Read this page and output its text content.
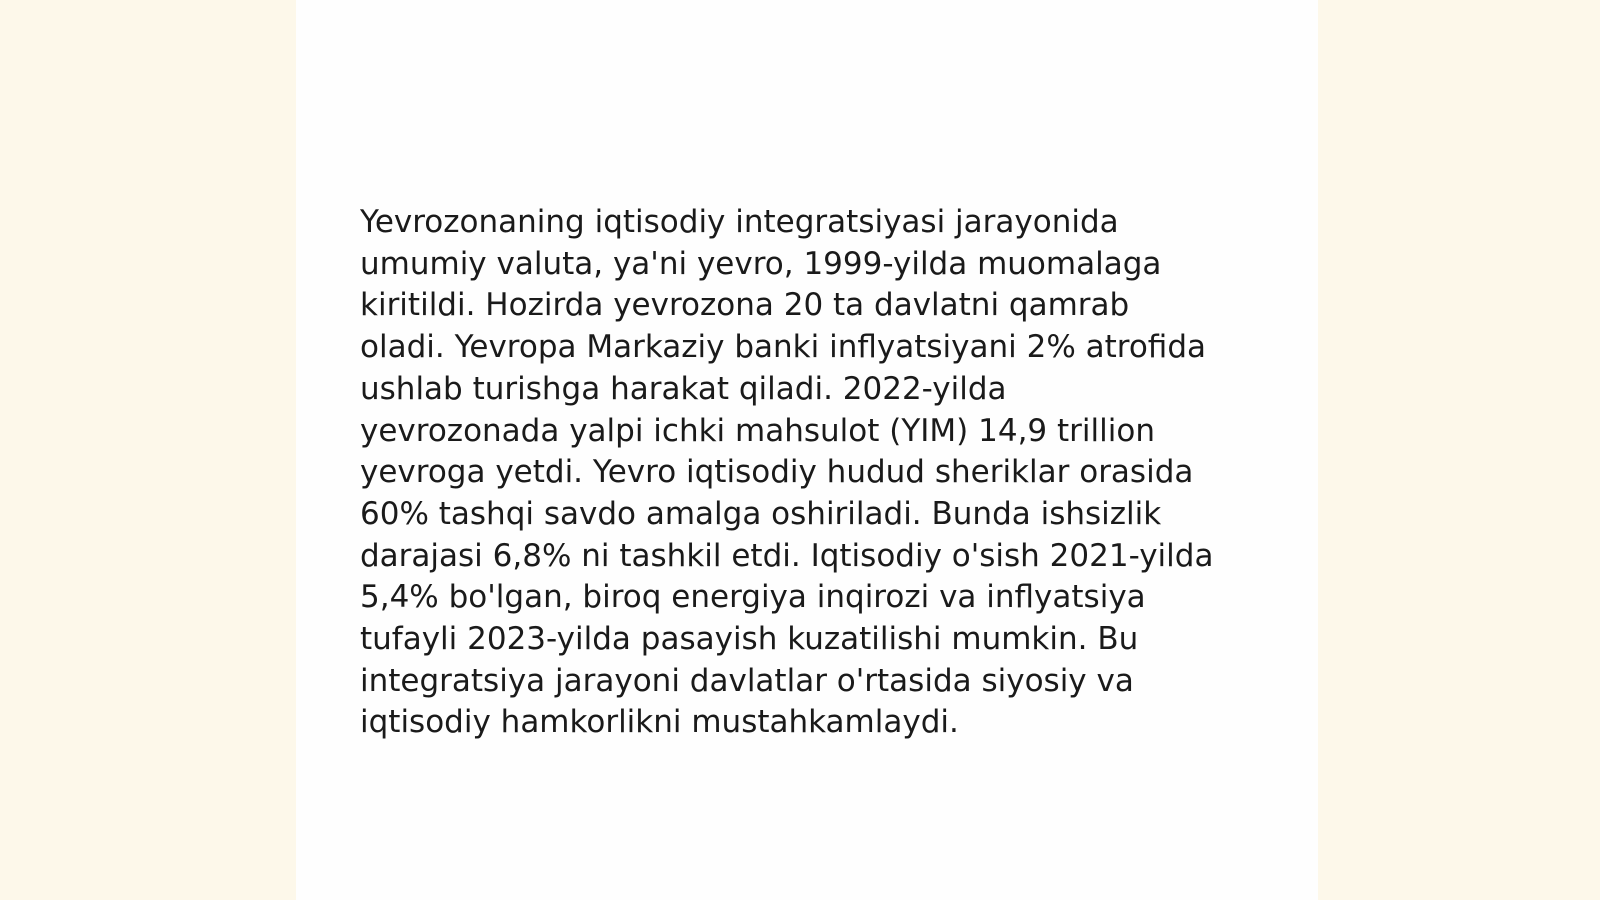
Yevrozonaning iqtisodiy integratsiyasi jarayonida
umumiy valuta, ya'ni yevro, 1999-yilda muomalaga
kiritildi. Hozirda yevrozona 20 ta davlatni qamrab
oladi. Yevropa Markaziy banki inflyatsiyani 2% atrofida
ushlab turishga harakat qiladi. 2022-yilda
yevrozonada yalpi ichki mahsulot (YIM) 14,9 trillion
yevroga yetdi. Yevro iqtisodiy hudud sheriklar orasida
60% tashqi savdo amalga oshiriladi. Bunda ishsizlik
darajasi 6,8% ni tashkil etdi. Iqtisodiy o'sish 2021-yilda
5,4% bo'lgan, biroq energiya inqirozi va inflyatsiya
tufayli 2023-yilda pasayish kuzatilishi mumkin. Bu
integratsiya jarayoni davlatlar o'rtasida siyosiy va
iqtisodiy hamkorlikni mustahkamlaydi.
